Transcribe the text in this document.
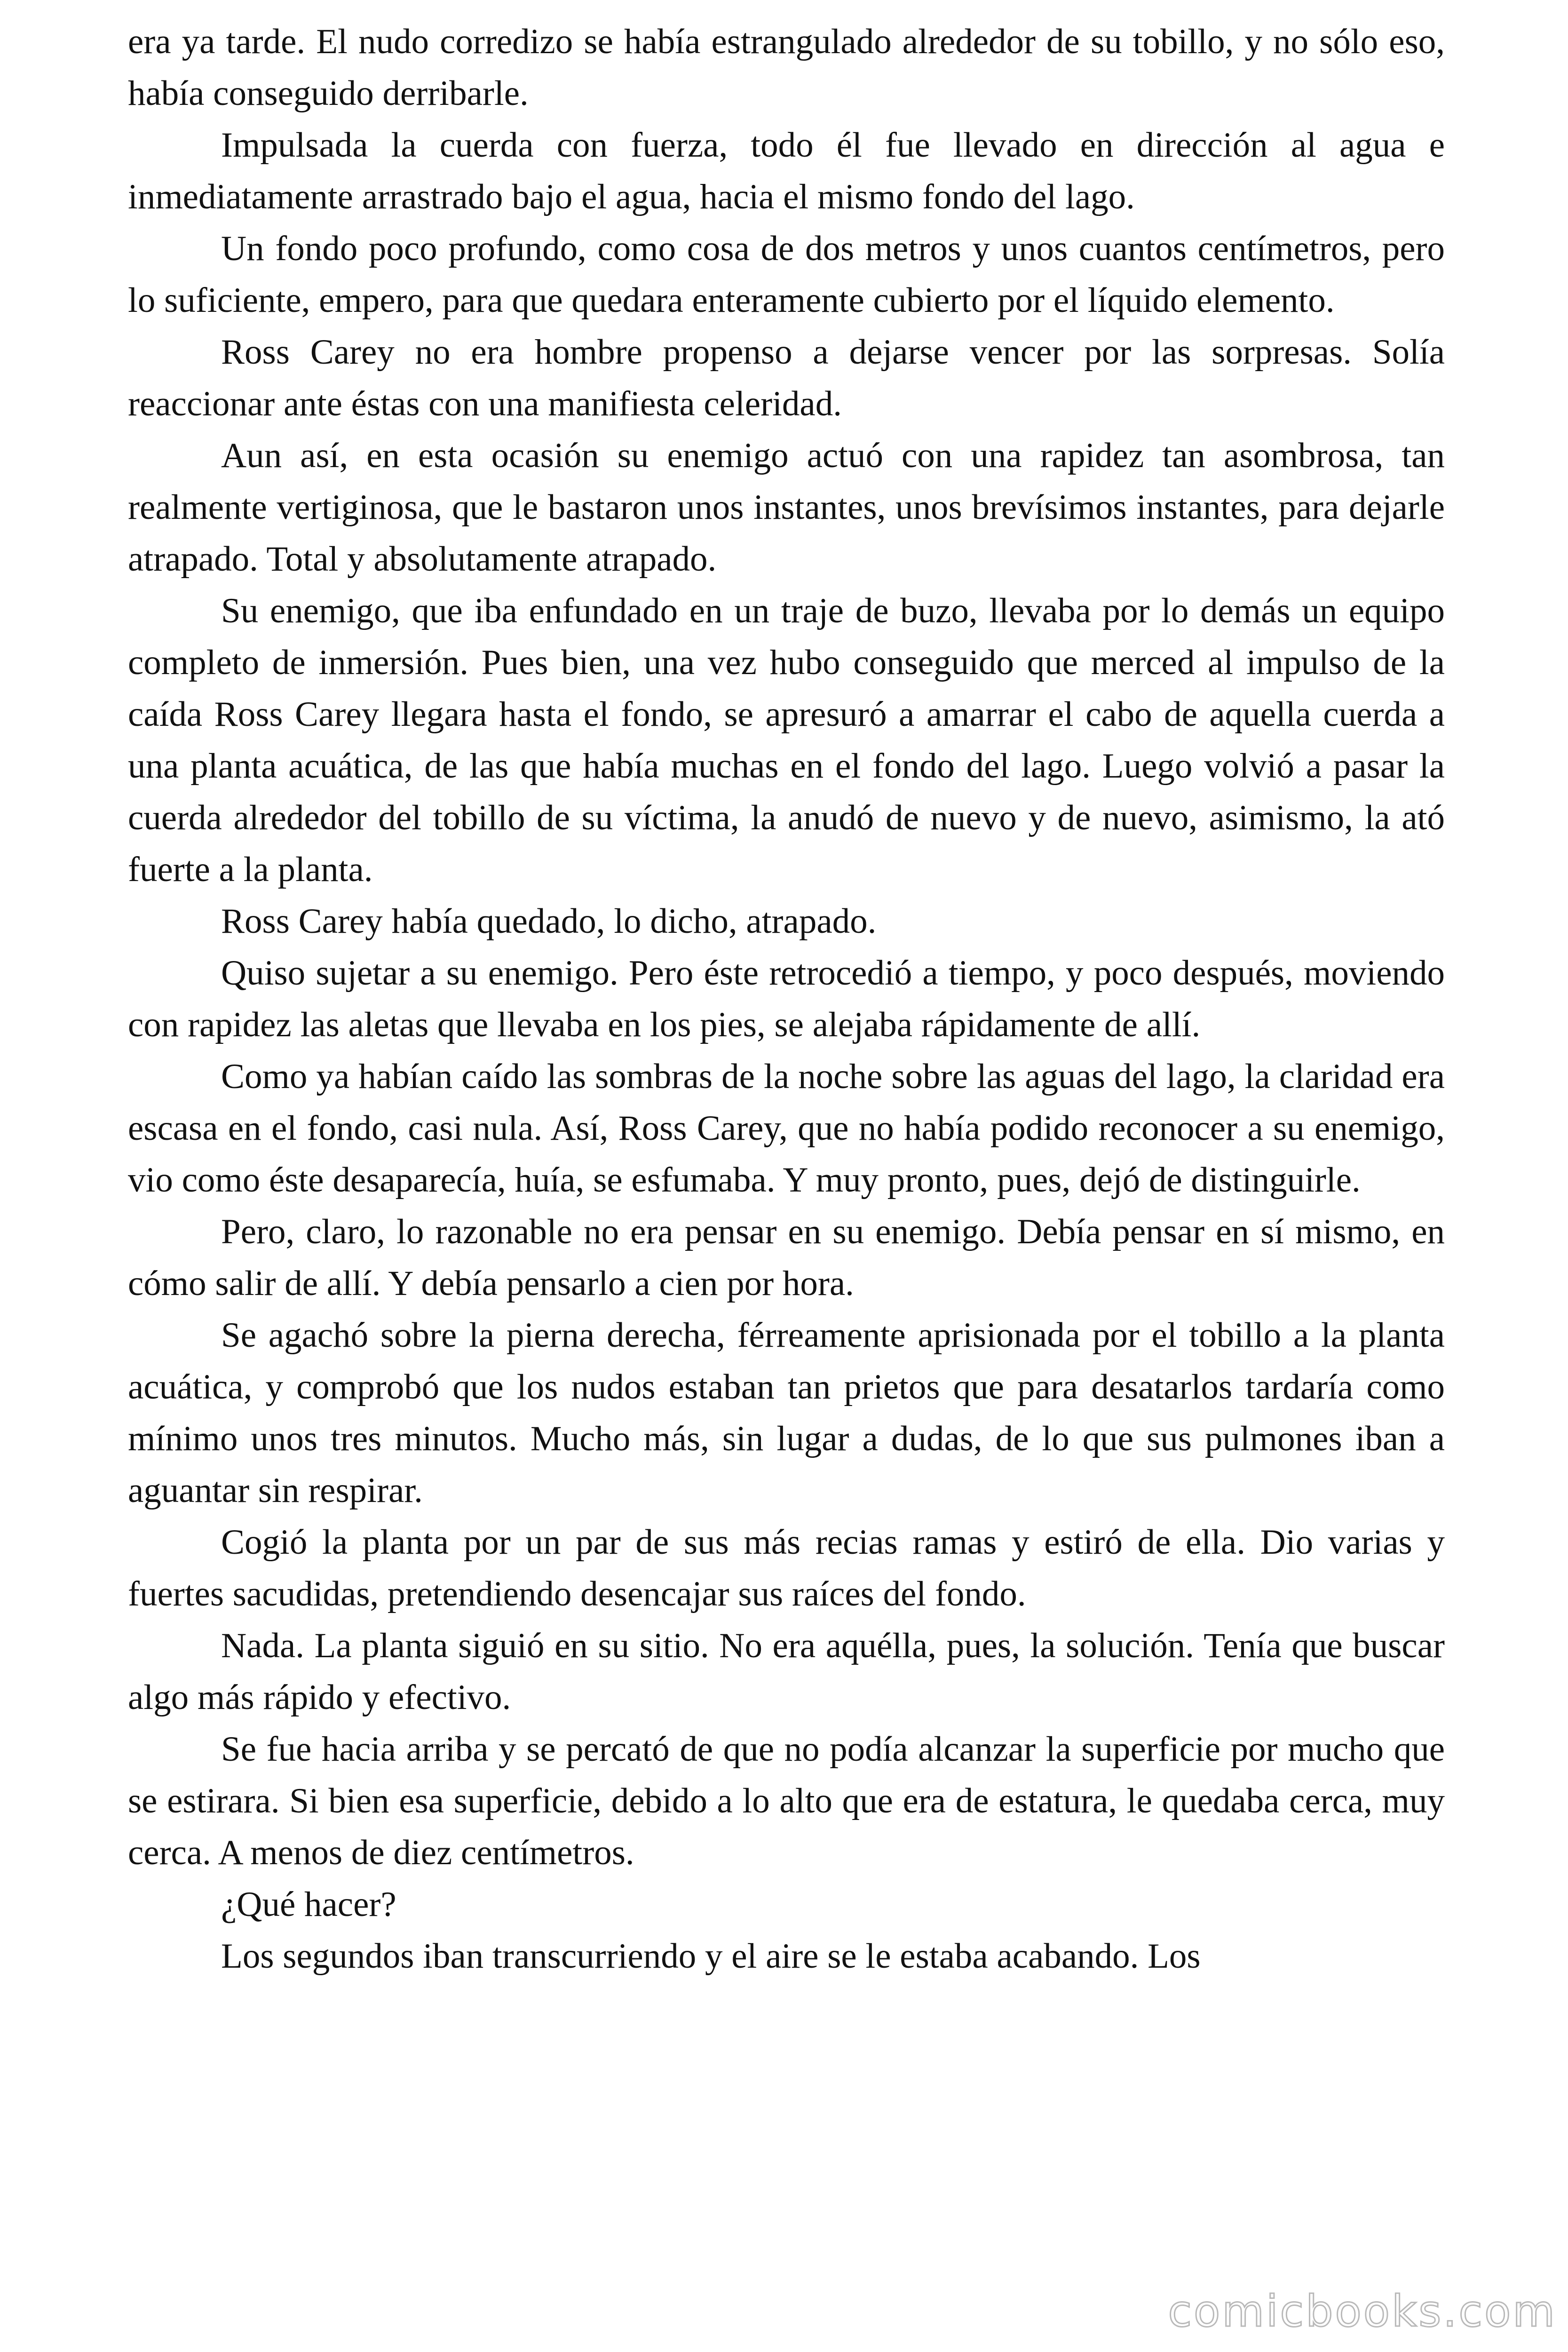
era ya tarde. El nudo corredizo se había estrangulado alrededor de su tobillo, y no sólo eso, había conseguido derribarle.

Impulsada la cuerda con fuerza, todo él fue llevado en dirección al agua e inmediatamente arrastrado bajo el agua, hacia el mismo fondo del lago.

Un fondo poco profundo, como cosa de dos metros y unos cuantos centímetros, pero lo suficiente, empero, para que quedara enteramente cubierto por el líquido elemento.

Ross Carey no era hombre propenso a dejarse vencer por las sorpresas. Solía reaccionar ante éstas con una manifiesta celeridad.

Aun así, en esta ocasión su enemigo actuó con una rapidez tan asombrosa, tan realmente vertiginosa, que le bastaron unos instantes, unos brevísimos instantes, para dejarle atrapado. Total y absolutamente atrapado.

Su enemigo, que iba enfundado en un traje de buzo, llevaba por lo demás un equipo completo de inmersión. Pues bien, una vez hubo conseguido que merced al impulso de la caída Ross Carey llegara hasta el fondo, se apresuró a amarrar el cabo de aquella cuerda a una planta acuática, de las que había muchas en el fondo del lago. Luego volvió a pasar la cuerda alrededor del tobillo de su víctima, la anudó de nuevo y de nuevo, asimismo, la ató fuerte a la planta.

Ross Carey había quedado, lo dicho, atrapado.

Quiso sujetar a su enemigo. Pero éste retrocedió a tiempo, y poco después, moviendo con rapidez las aletas que llevaba en los pies, se alejaba rápidamente de allí.

Como ya habían caído las sombras de la noche sobre las aguas del lago, la claridad era escasa en el fondo, casi nula. Así, Ross Carey, que no había podido reconocer a su enemigo, vio como éste desaparecía, huía, se esfumaba. Y muy pronto, pues, dejó de distinguirle.

Pero, claro, lo razonable no era pensar en su enemigo. Debía pensar en sí mismo, en cómo salir de allí. Y debía pensarlo a cien por hora.

Se agachó sobre la pierna derecha, férreamente aprisionada por el tobillo a la planta acuática, y comprobó que los nudos estaban tan prietos que para desatarlos tardaría como mínimo unos tres minutos. Mucho más, sin lugar a dudas, de lo que sus pulmones iban a aguantar sin respirar.

Cogió la planta por un par de sus más recias ramas y estiró de ella. Dio varias y fuertes sacudidas, pretendiendo desencajar sus raíces del fondo.

Nada. La planta siguió en su sitio. No era aquélla, pues, la solución. Tenía que buscar algo más rápido y efectivo.

Se fue hacia arriba y se percató de que no podía alcanzar la superficie por mucho que se estirara. Si bien esa superficie, debido a lo alto que era de estatura, le quedaba cerca, muy cerca. A menos de diez centímetros.

¿Qué hacer?

Los segundos iban transcurriendo y el aire se le estaba acabando. Los

comicbooks.com
